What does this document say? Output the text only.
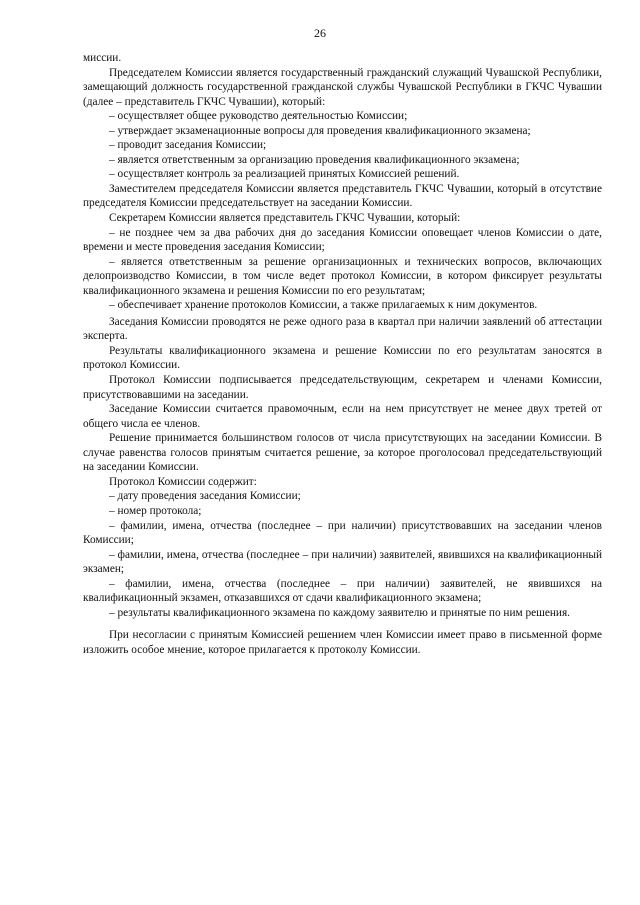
26

миссии.

Председателем Комиссии является государственный гражданский служащий Чувашской Республики, замещающий должность государственной гражданской службы Чувашской Республики в ГКЧС Чувашии (далее – представитель ГКЧС Чувашии), который:

– осуществляет общее руководство деятельностью Комиссии;

– утверждает экзаменационные вопросы для проведения квалификационного экзамена;

– проводит заседания Комиссии;

– является ответственным за организацию проведения квалификационного экзамена;

– осуществляет контроль за реализацией принятых Комиссией решений.

Заместителем председателя Комиссии является представитель ГКЧС Чувашии, который в отсутствие председателя Комиссии председательствует на заседании Комиссии.

Секретарем Комиссии является представитель ГКЧС Чувашии, который:

– не позднее чем за два рабочих дня до заседания Комиссии оповещает членов Комиссии о дате, времени и месте проведения заседания Комиссии;

– является ответственным за решение организационных и технических вопросов, включающих делопроизводство Комиссии, в том числе ведет протокол Комиссии, в котором фиксирует результаты квалификационного экзамена и решения Комиссии по его результатам;

– обеспечивает хранение протоколов Комиссии, а также прилагаемых к ним документов.

Заседания Комиссии проводятся не реже одного раза в квартал при наличии заявлений об аттестации эксперта.

Результаты квалификационного экзамена и решение Комиссии по его результатам заносятся в протокол Комиссии.

Протокол Комиссии подписывается председательствующим, секретарем и членами Комиссии, присутствовавшими на заседании.

Заседание Комиссии считается правомочным, если на нем присутствует не менее двух третей от общего числа ее членов.

Решение принимается большинством голосов от числа присутствующих на заседании Комиссии. В случае равенства голосов принятым считается решение, за которое проголосовал председательствующий на заседании Комиссии.

Протокол Комиссии содержит:

– дату проведения заседания Комиссии;

– номер протокола;

– фамилии, имена, отчества (последнее – при наличии) присутствовавших на заседании членов Комиссии;

– фамилии, имена, отчества (последнее – при наличии) заявителей, явившихся на квалификационный экзамен;

– фамилии, имена, отчества (последнее – при наличии) заявителей, не явившихся на квалификационный экзамен, отказавшихся от сдачи квалификационного экзамена;

– результаты квалификационного экзамена по каждому заявителю и принятые по ним решения.

При несогласии с принятым Комиссией решением член Комиссии имеет право в письменной форме изложить особое мнение, которое прилагается к протоколу Комиссии.
